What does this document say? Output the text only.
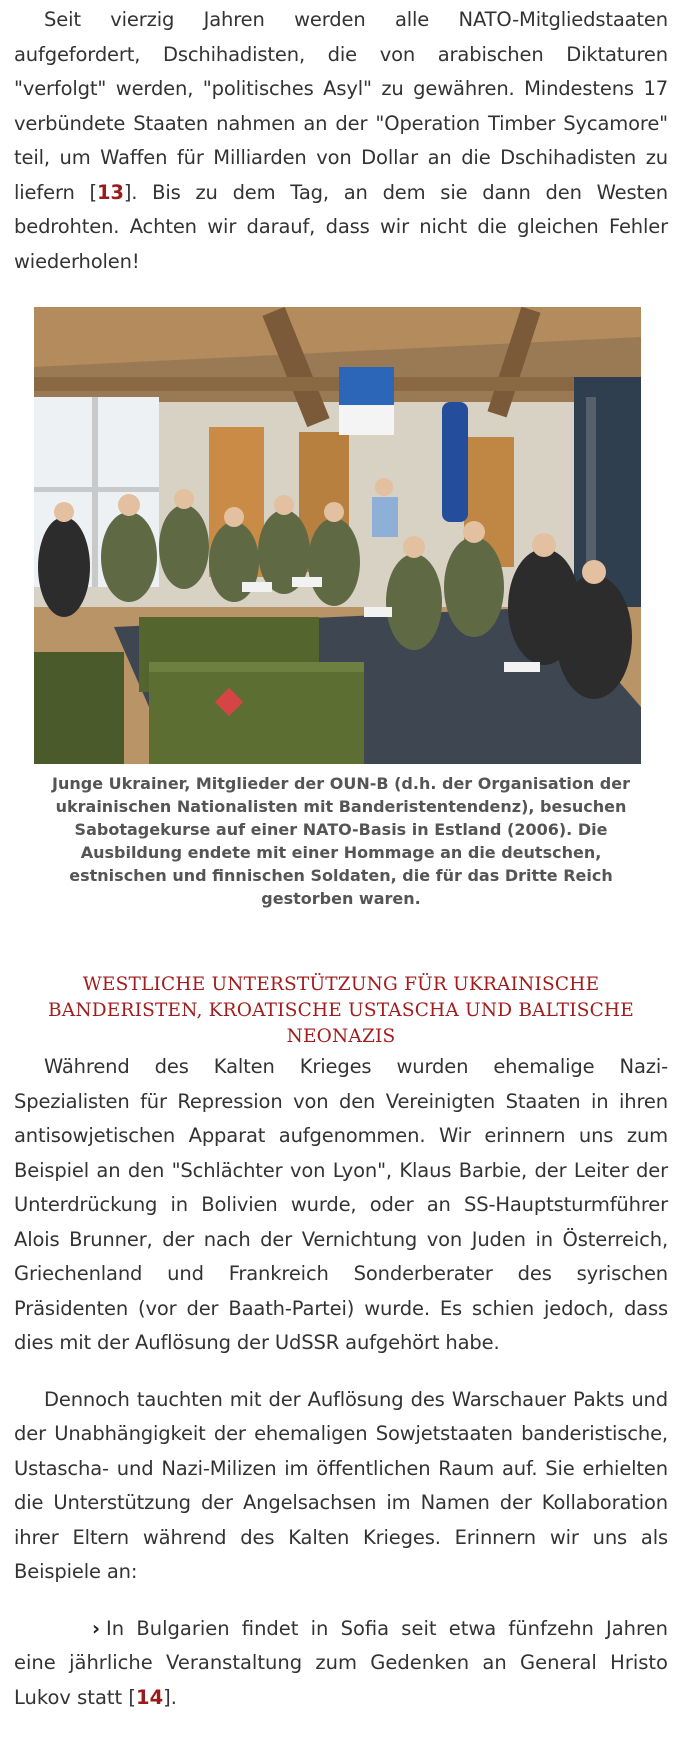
Seit vierzig Jahren werden alle NATO-Mitgliedstaaten aufgefordert, Dschihadisten, die von arabischen Diktaturen "verfolgt" werden, "politisches Asyl" zu gewähren. Mindestens 17 verbündete Staaten nahmen an der "Operation Timber Sycamore" teil, um Waffen für Milliarden von Dollar an die Dschihadisten zu liefern [13]. Bis zu dem Tag, an dem sie dann den Westen bedrohten. Achten wir darauf, dass wir nicht die gleichen Fehler wiederholen!

Junge Ukrainer, Mitglieder der OUN-B (d.h. der Organisation der ukrainischen Nationalisten mit Banderistentendenz), besuchen Sabotagekurse auf einer NATO-Basis in Estland (2006). Die Ausbildung endete mit einer Hommage an die deutschen, estnischen und finnischen Soldaten, die für das Dritte Reich gestorben waren.
WESTLICHE UNTERSTÜTZUNG FÜR UKRAINISCHE BANDERISTEN, KROATISCHE USTASCHA UND BALTISCHE NEONAZIS

Während des Kalten Krieges wurden ehemalige Nazi-Spezialisten für Repression von den Vereinigten Staaten in ihren antisowjetischen Apparat aufgenommen. Wir erinnern uns zum Beispiel an den "Schlächter von Lyon", Klaus Barbie, der Leiter der Unterdrückung in Bolivien wurde, oder an SS-Hauptsturmführer Alois Brunner, der nach der Vernichtung von Juden in Österreich, Griechenland und Frankreich Sonderberater des syrischen Präsidenten (vor der Baath-Partei) wurde. Es schien jedoch, dass dies mit der Auflösung der UdSSR aufgehört habe.

Dennoch tauchten mit der Auflösung des Warschauer Pakts und der Unabhängigkeit der ehemaligen Sowjetstaaten banderistische, Ustascha- und Nazi-Milizen im öffentlichen Raum auf. Sie erhielten die Unterstützung der Angelsachsen im Namen der Kollaboration ihrer Eltern während des Kalten Krieges. Erinnern wir uns als Beispiele an:

› In Bulgarien findet in Sofia seit etwa fünfzehn Jahren eine jährliche Veranstaltung zum Gedenken an General Hristo Lukov statt [14].
